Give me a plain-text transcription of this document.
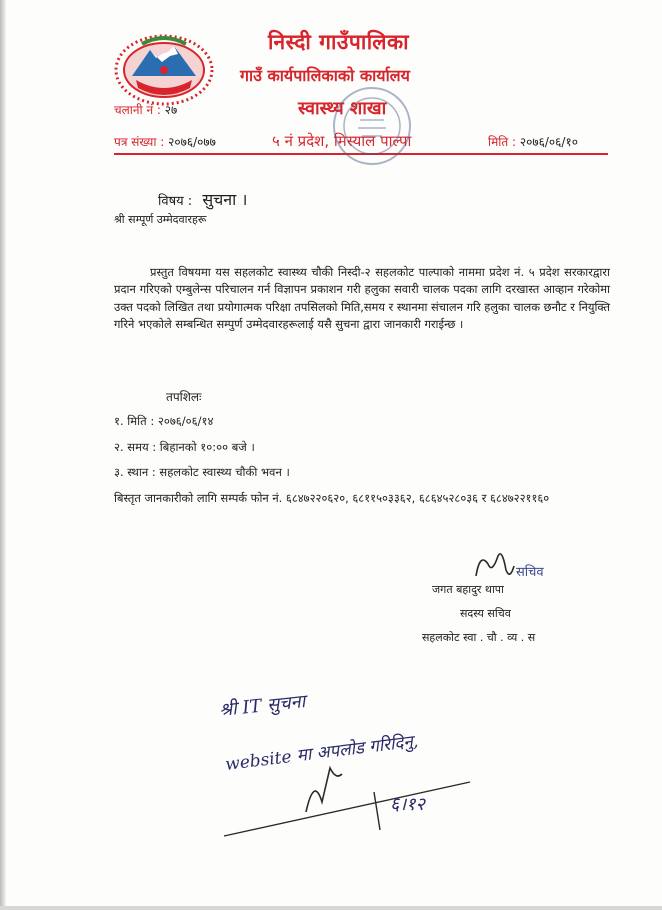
निस्दी गाउँपालिका
गाउँ कार्यपालिकाको कार्यालय
स्वास्थ्य शाखा
चलानी नं : २७
पत्र संख्या : २०७६/०७७	५ नं प्रदेश, मिस्याल पाल्पा	मिति : २०७६/०६/१०
विषय : सुचना ।
श्री सम्पूर्ण उम्मेदवारहरू

प्रस्तुत विषयमा यस सहलकोट स्वास्थ्य चौकी निस्दी-२ सहलकोट पाल्पाको नाममा प्रदेश नं. ५ प्रदेश सरकारद्वारा प्रदान गरिएको एम्बुलेन्स परिचालन गर्न विज्ञापन प्रकाशन गरी हलुका सवारी चालक पदका लागि दरखास्त आव्हान गरेकोमा उक्त पदको लिखित तथा प्रयोगात्मक परिक्षा तपसिलको मिति,समय र स्थानमा संचालन गरि हलुका चालक छनौट र नियुक्ति गरिने भएकोले सम्बन्धित सम्पुर्ण उम्मेदवारहरूलाई यसै सुचना द्वारा जानकारी गराईन्छ ।

तपशिलः
१. मिति : २०७६/०६/१४
२. समय : बिहानको १०:०० बजे ।
३. स्थान : सहलकोट स्वास्थ्य चौकी भवन ।

बिस्तृत जानकारीको लागि सम्पर्क फोन नं. ६८४७२२०६२०, ६८११५०३३६२, ६८६४५२८०३६ र ६८४७२२११६०

सचिव
जगत बहादुर थापा
सदस्य सचिव
सहलकोट स्वा . चौ . व्य . स
श्री IT सुचना
website मा अपलोड गरिदिनु,
६।१२
